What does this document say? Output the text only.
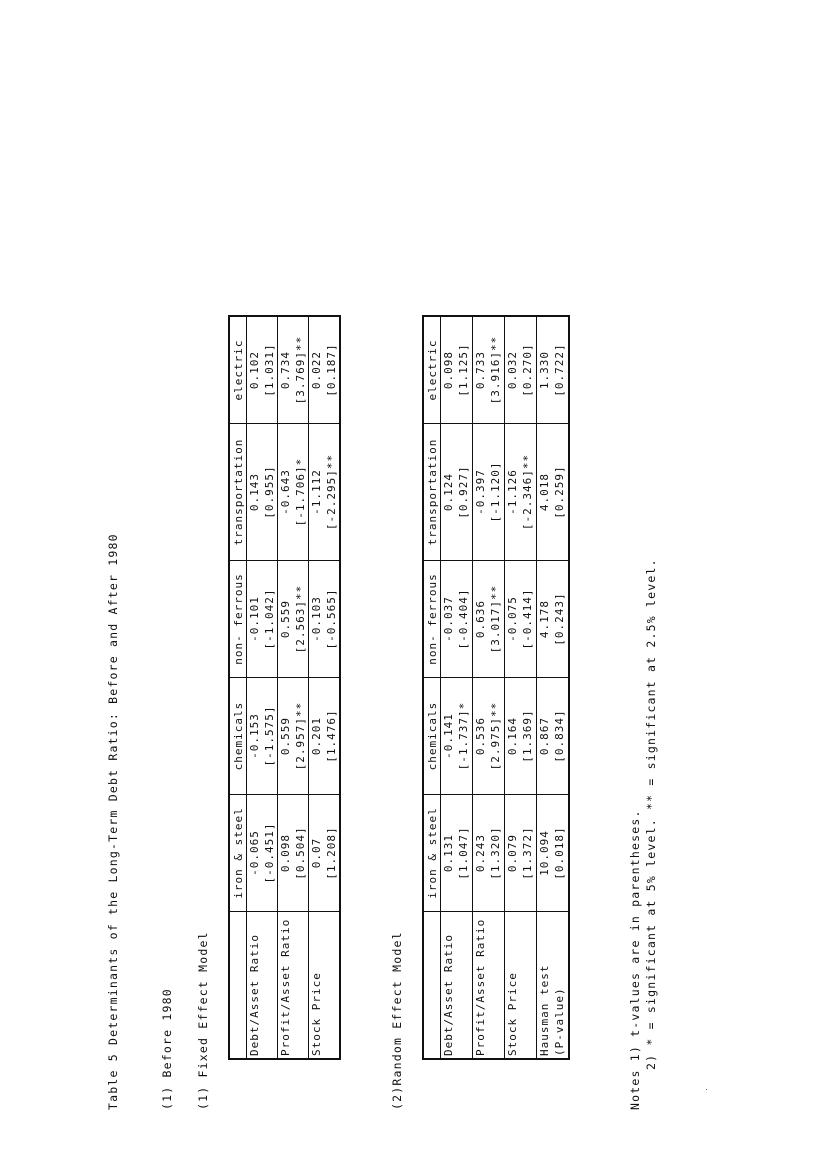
Table 5 Determinants of the Long-Term Debt Ratio: Before and After 1980	(1) Before 1980 (1) Fixed Effect Model
	iron & steel	chemicals	non- ferrous	transportation	electric
Debt/Asset Ratio	-0.065 [-0.451]	-0.153 [-1.575]	-0.101 [-1.042]	0.143 [0.955]	0.102 [1.031]

Profit/Asset Ratio	0.098 [0.504]	0.559 [2.957]**	0.559 [2.563]**	-0.643 [-1.706]*	0.734 [3.769]**

Stock Price	0.07 [1.208]	0.201 [1.476]	-0.103 [-0.565]	-1.112 [-2.295]**	0.022 [0.187]
(2)Random Effect Model
	iron & steel	chemicals	non- ferrous	transportation	electric
Debt/Asset Ratio	0.131 [1.047]	-0.141 [-1.737]*	-0.037 [-0.404]	0.124 [0.927]	0.098 [1.125]

Profit/Asset Ratio	0.243 [1.320]	0.536 [2.975]**	0.636 [3.017]**	-0.397 [-1.120]	0.733 [3.916]**

Stock Price	0.079 [1.372]	0.164 [1.369]	-0.075 [-0.414]	-1.126 [-2.346]**	0.032 [0.270]

Hausman test (P-value)	10.094 [0.018]	0.867 [0.834]	4.178 [0.243]	4.018 [0.259]	1.330 [0.722]
Notes 1) t-values are in parentheses. 2) * = significant at 5% level. ** = significant at 2.5% level.
